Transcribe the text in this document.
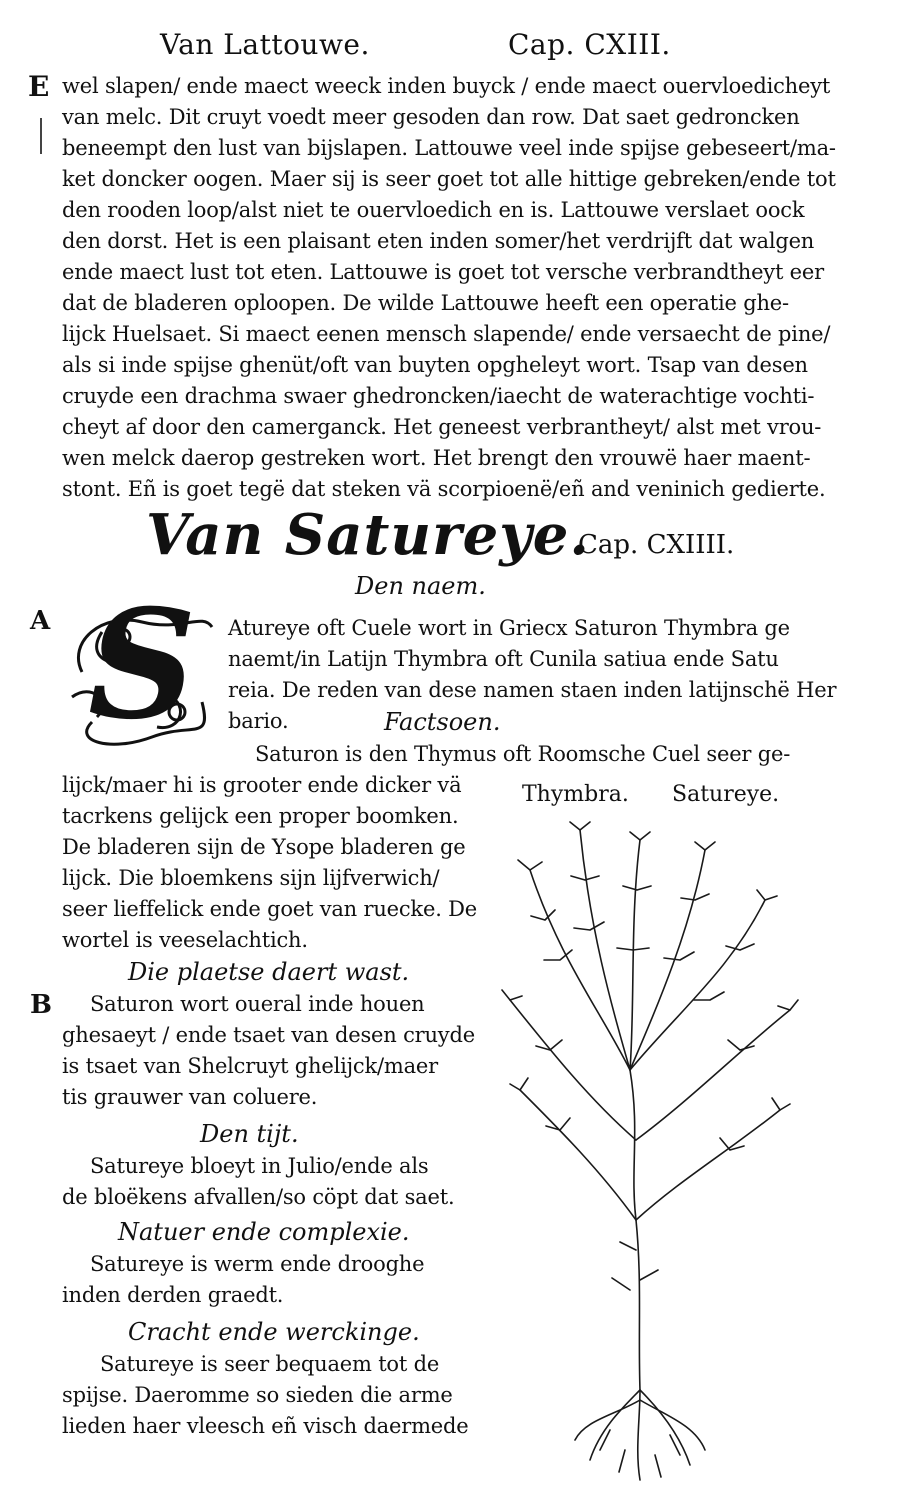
Van Lattouwe.	Cap. CXIII.
E wel slapen/ ende maect weeck inden buyck / ende maect ouervloedicheyt
van melc. Dit cruyt voedt meer gesoden dan row. Dat saet gedroncken
beneempt den lust van bijslapen. Lattouwe veel inde spijse gebeseert/ma-
ket doncker oogen. Maer sij is seer goet tot alle hittige gebreken/ende tot
den rooden loop/alst niet te ouervloedich en is. Lattouwe verslaet oock
den dorst. Het is een plaisant eten inden somer/het verdrijft dat walgen
ende maect lust tot eten. Lattouwe is goet tot versche verbrandtheyt eer
dat de bladeren oploopen. De wilde Lattouwe heeft een operatie ghe-
lijck Huelsaet. Si maect eenen mensch slapende/ ende versaecht de pine/
als si inde spijse ghenüt/oft van buyten opgheleyt wort. Tsap van desen
cruyde een drachma swaer ghedroncken/iaecht de waterachtige vochti-
cheyt af door den camerganck. Het geneest verbrantheyt/ alst met vrou-
wen melck daerop gestreken wort. Het brengt den vrouwë haer maent-
stont. Eñ is goet tegë dat steken vä scorpioenë/eñ and veninich gedierte.
Van Satureye.
Cap. CXIIII.
Den naem.
A S Atureye oft Cuele wort in Griecx Saturon Thymbra ge
naemt/in Latijn Thymbra oft Cunila satiua ende Satu
reia. De reden van dese namen staen inden latijnschë Her
bario.	Factsoen.
Saturon is den Thymus oft Roomsche Cuel seer ge-
lijck/maer hi is grooter ende dicker vä
tacrkens gelijck een proper boomken.
De bladeren sijn de Ysope bladeren ge
lijck. Die bloemkens sijn lijfverwich/
seer lieffelick ende goet van ruecke. De
wortel is veeselachtich.
Thymbra. Satureye.
Die plaetse daert wast.
B Saturon wort oueral inde houen
ghesaeyt / ende tsaet van desen cruyde
is tsaet van Shelcruyt ghelijck/maer
tis grauwer van coluere.
Den tijt.
Satureye bloeyt in Julio/ende als
de bloëkens afvallen/so cöpt dat saet.
Natuer ende complexie.
Satureye is werm ende drooghe
inden derden graedt.
Cracht ende werckinge.
Satureye is seer bequaem tot de
spijse. Daeromme so sieden die arme
lieden haer vleesch eñ visch daermede
